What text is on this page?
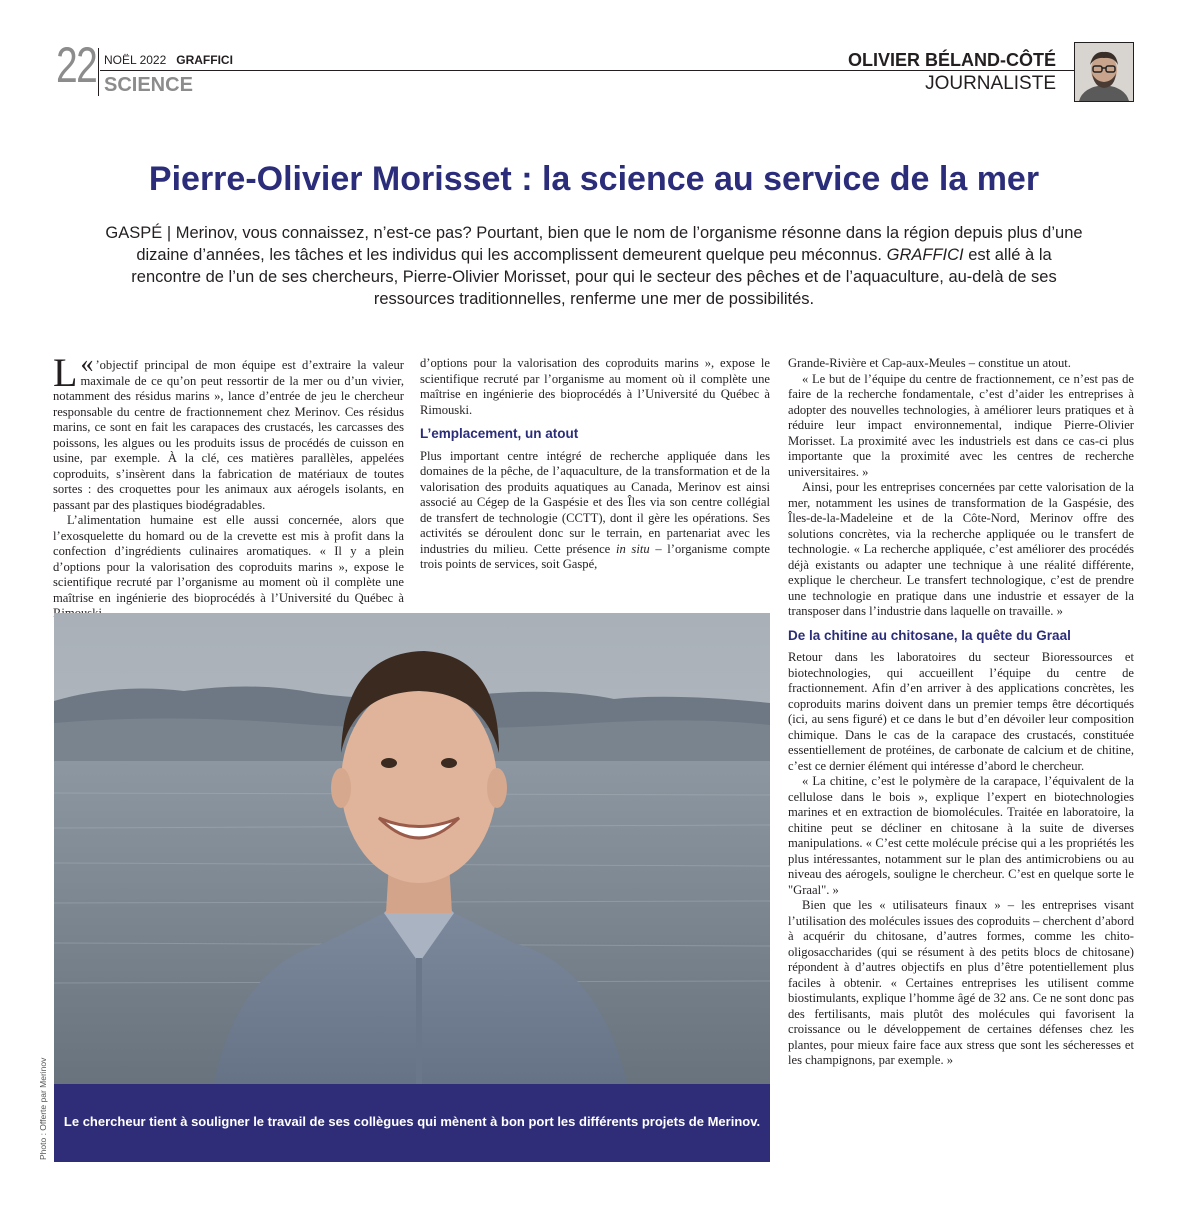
22 NOËL 2022 GRAFFICI
SCIENCE
OLIVIER BÉLAND-CÔTÉ
JOURNALISTE
Pierre-Olivier Morisset : la science au service de la mer
GASPÉ | Merinov, vous connaissez, n’est-ce pas? Pourtant, bien que le nom de l’organisme résonne dans la région depuis plus d’une dizaine d’années, les tâches et les individus qui les accomplissent demeurent quelque peu méconnus. GRAFFICI est allé à la rencontre de l’un de ses chercheurs, Pierre-Olivier Morisset, pour qui le secteur des pêches et de l’aquaculture, au-delà de ses ressources traditionnelles, renferme une mer de possibilités.

«
L ’objectif principal de mon équipe est d’extraire la valeur maximale de ce qu’on peut ressortir de la mer ou d’un vivier, notamment des résidus marins », lance d’entrée de jeu le chercheur responsable du centre de fractionnement chez Merinov. Ces résidus marins, ce sont en fait les carapaces des crustacés, les carcasses des poissons, les algues ou les produits issus de procédés de cuisson en usine, par exemple. À la clé, ces matières parallèles, appelées coproduits, s’insèrent dans la fabrication de matériaux de toutes sortes : des croquettes pour les animaux aux aérogels isolants, en passant par des plastiques biodégradables.

L’alimentation humaine est elle aussi concernée, alors que l’exosquelette du homard ou de la crevette est mis à profit dans la confection d’ingrédients culinaires aromatiques. « Il y a plein d’options pour la valorisation des coproduits marins », expose le scientifique recruté par l’organisme au moment où il complète une maîtrise en ingénierie des bioprocédés à l’Université du Québec à

d’options pour la valorisation des coproduits marins », expose le scientifique recruté par l’organisme au moment où il complète une maîtrise en ingénierie des bioprocédés à l’Université du Québec à Rimouski.

L’emplacement, un atout

Plus important centre intégré de recherche appliquée dans les domaines de la pêche, de l’aquaculture, de la transformation et de la valorisation des produits aquatiques au Canada, Merinov est ainsi associé au Cégep de la Gaspésie et des Îles via son centre collégial de transfert de technologie (CCTT), dont il gère les opérations. Ses activités se déroulent donc sur le terrain, en partenariat avec les industries du milieu. Cette présence in situ – l’organisme compte trois points de services, soit Gaspé,

Grande-Rivière et Cap-aux-Meules – constitue un atout.

« Le but de l’équipe du centre de fractionnement, ce n’est pas de faire de la recherche fondamentale, c’est d’aider les entreprises à adopter des nouvelles technologies, à améliorer leurs pratiques et à réduire leur impact environnemental, indique Pierre-Olivier Morisset. La proximité avec les industriels est dans ce cas-ci plus importante que la proximité avec les centres de recherche universitaires. »

Ainsi, pour les entreprises concernées par cette valorisation de la mer, notamment les usines de transformation de la Gaspésie, des Îles-de-la-Madeleine et de la Côte-Nord, Merinov offre des solutions concrètes, via la recherche appliquée ou le transfert de technologie. « La recherche appliquée, c’est améliorer des procédés déjà existants ou adapter une technique à une réalité différente, explique le chercheur. Le transfert technologique, c’est de prendre une technologie en pratique dans une industrie et essayer de la transposer dans l’industrie dans laquelle on travaille. »

De la chitine au chitosane, la quête du Graal

Retour dans les laboratoires du secteur Bioressources et biotechnologies, qui accueillent l’équipe du centre de fractionnement. Afin d’en arriver à des applications concrètes, les coproduits marins doivent dans un premier temps être décortiqués (ici, au sens figuré) et ce dans le but d’en dévoiler leur composition chimique. Dans le cas de la carapace des crustacés, constituée essentiellement de protéines, de carbonate de calcium et de chitine, c’est ce dernier élément qui intéresse d’abord le chercheur.

« La chitine, c’est le polymère de la carapace, l’équivalent de la cellulose dans le bois », explique l’expert en biotechnologies marines et en extraction de biomolécules. Traitée en laboratoire, la chitine peut se décliner en chitosane à la suite de diverses manipulations. « C’est cette molécule précise qui a les propriétés les plus intéressantes, notamment sur le plan des antimicrobiens ou au niveau des aérogels, souligne le chercheur. C’est en quelque sorte le "Graal". »

Bien que les « utilisateurs finaux » – les entreprises visant l’utilisation des molécules issues des coproduits – cherchent d’abord à acquérir du chitosane, d’autres formes, comme les chito-oligosaccharides (qui se résument à des petits blocs de chitosane) répondent à d’autres objectifs en plus d’être potentiellement plus faciles à obtenir. « Certaines entreprises les utilisent comme biostimulants, explique l’homme âgé de 32 ans. Ce ne sont donc pas des fertilisants, mais plutôt des molécules qui favorisent la croissance ou le développement de certaines défenses chez les plantes, pour mieux faire face aux stress que sont les sécheresses et les champignons, par exemple. »

Le chercheur tient à souligner le travail de ses collègues qui mènent à bon port les différents projets de Merinov.
Photo : Offerte par Merinov
